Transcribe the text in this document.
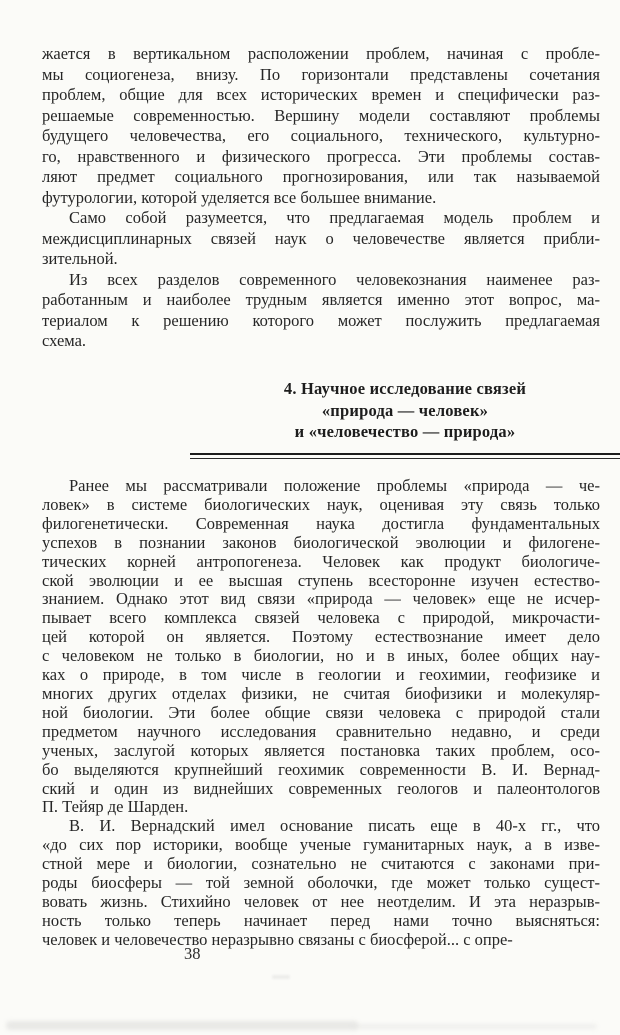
жается в вертикальном расположении проблем, начиная с пробле-
мы социогенеза, внизу. По горизонтали представлены сочетания
проблем, общие для всех исторических времен и специфически раз-
решаемые современностью. Вершину модели составляют проблемы
будущего человечества, его социального, технического, культурно-
го, нравственного и физического прогресса. Эти проблемы состав-
ляют предмет социального прогнозирования, или так называемой
футурологии, которой уделяется все большее внимание.
Само собой разумеется, что предлагаемая модель проблем и
междисциплинарных связей наук о человечестве является прибли-
зительной.
Из всех разделов современного человекознания наименее раз-
работанным и наиболее трудным является именно этот вопрос, ма-
териалом к решению которого может послужить предлагаемая
схема.
4. Научное исследование связей
«природа — человек»
и «человечество — природа»
Ранее мы рассматривали положение проблемы «природа — че-
ловек» в системе биологических наук, оценивая эту связь только
филогенетически. Современная наука достигла фундаментальных
успехов в познании законов биологической эволюции и филогене-
тических корней антропогенеза. Человек как продукт биологиче-
ской эволюции и ее высшая ступень всесторонне изучен естество-
знанием. Однако этот вид связи «природа — человек» еще не исчер-
пывает всего комплекса связей человека с природой, микрочасти-
цей которой он является. Поэтому естествознание имеет дело
с человеком не только в биологии, но и в иных, более общих нау-
ках о природе, в том числе в геологии и геохимии, геофизике и
многих других отделах физики, не считая биофизики и молекуляр-
ной биологии. Эти более общие связи человека с природой стали
предметом научного исследования сравнительно недавно, и среди
ученых, заслугой которых является постановка таких проблем, осо-
бо выделяются крупнейший геохимик современности В. И. Вернад-
ский и один из виднейших современных геологов и палеонтологов
П. Тейяр де Шарден.
В. И. Вернадский имел основание писать еще в 40-х гг., что
«до сих пор историки, вообще ученые гуманитарных наук, а в изве-
стной мере и биологии, сознательно не считаются с законами при-
роды биосферы — той земной оболочки, где может только сущест-
вовать жизнь. Стихийно человек от нее неотделим. И эта неразрыв-
ность только теперь начинает перед нами точно выясняться:
человек и человечество неразрывно связаны с биосферой... с опре-
38
